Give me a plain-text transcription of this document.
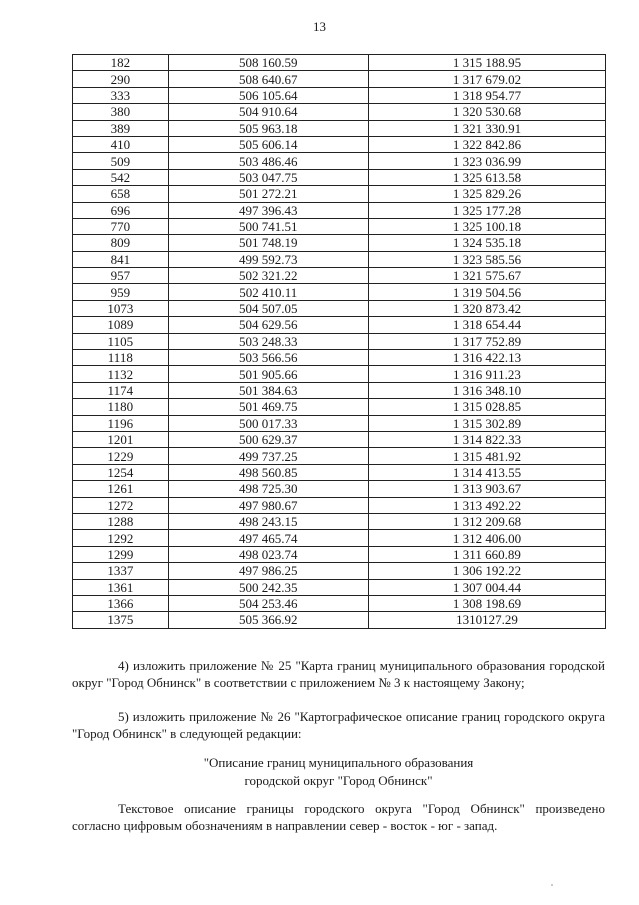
13
182	508 160.59	1 315 188.95
290	508 640.67	1 317 679.02
333	506 105.64	1 318 954.77
380	504 910.64	1 320 530.68
389	505 963.18	1 321 330.91
410	505 606.14	1 322 842.86
509	503 486.46	1 323 036.99
542	503 047.75	1 325 613.58
658	501 272.21	1 325 829.26
696	497 396.43	1 325 177.28
770	500 741.51	1 325 100.18
809	501 748.19	1 324 535.18
841	499 592.73	1 323 585.56
957	502 321.22	1 321 575.67
959	502 410.11	1 319 504.56
1073	504 507.05	1 320 873.42
1089	504 629.56	1 318 654.44
1105	503 248.33	1 317 752.89
1118	503 566.56	1 316 422.13
1132	501 905.66	1 316 911.23
1174	501 384.63	1 316 348.10
1180	501 469.75	1 315 028.85
1196	500 017.33	1 315 302.89
1201	500 629.37	1 314 822.33
1229	499 737.25	1 315 481.92
1254	498 560.85	1 314 413.55
1261	498 725.30	1 313 903.67
1272	497 980.67	1 313 492.22
1288	498 243.15	1 312 209.68
1292	497 465.74	1 312 406.00
1299	498 023.74	1 311 660.89
1337	497 986.25	1 306 192.22
1361	500 242.35	1 307 004.44
1366	504 253.46	1 308 198.69
1375	505 366.92	1310127.29

4) изложить приложение № 25 "Карта границ муниципального образования городской округ "Город Обнинск" в соответствии с приложением № 3 к настоящему Закону;

5) изложить приложение № 26 "Картографическое описание границ городского округа "Город Обнинск" в следующей редакции:

"Описание границ муниципального образования
городской округ "Город Обнинск"

Текстовое описание границы городского округа "Город Обнинск" произведено согласно цифровым обозначениям в направлении север - восток - юг - запад.
